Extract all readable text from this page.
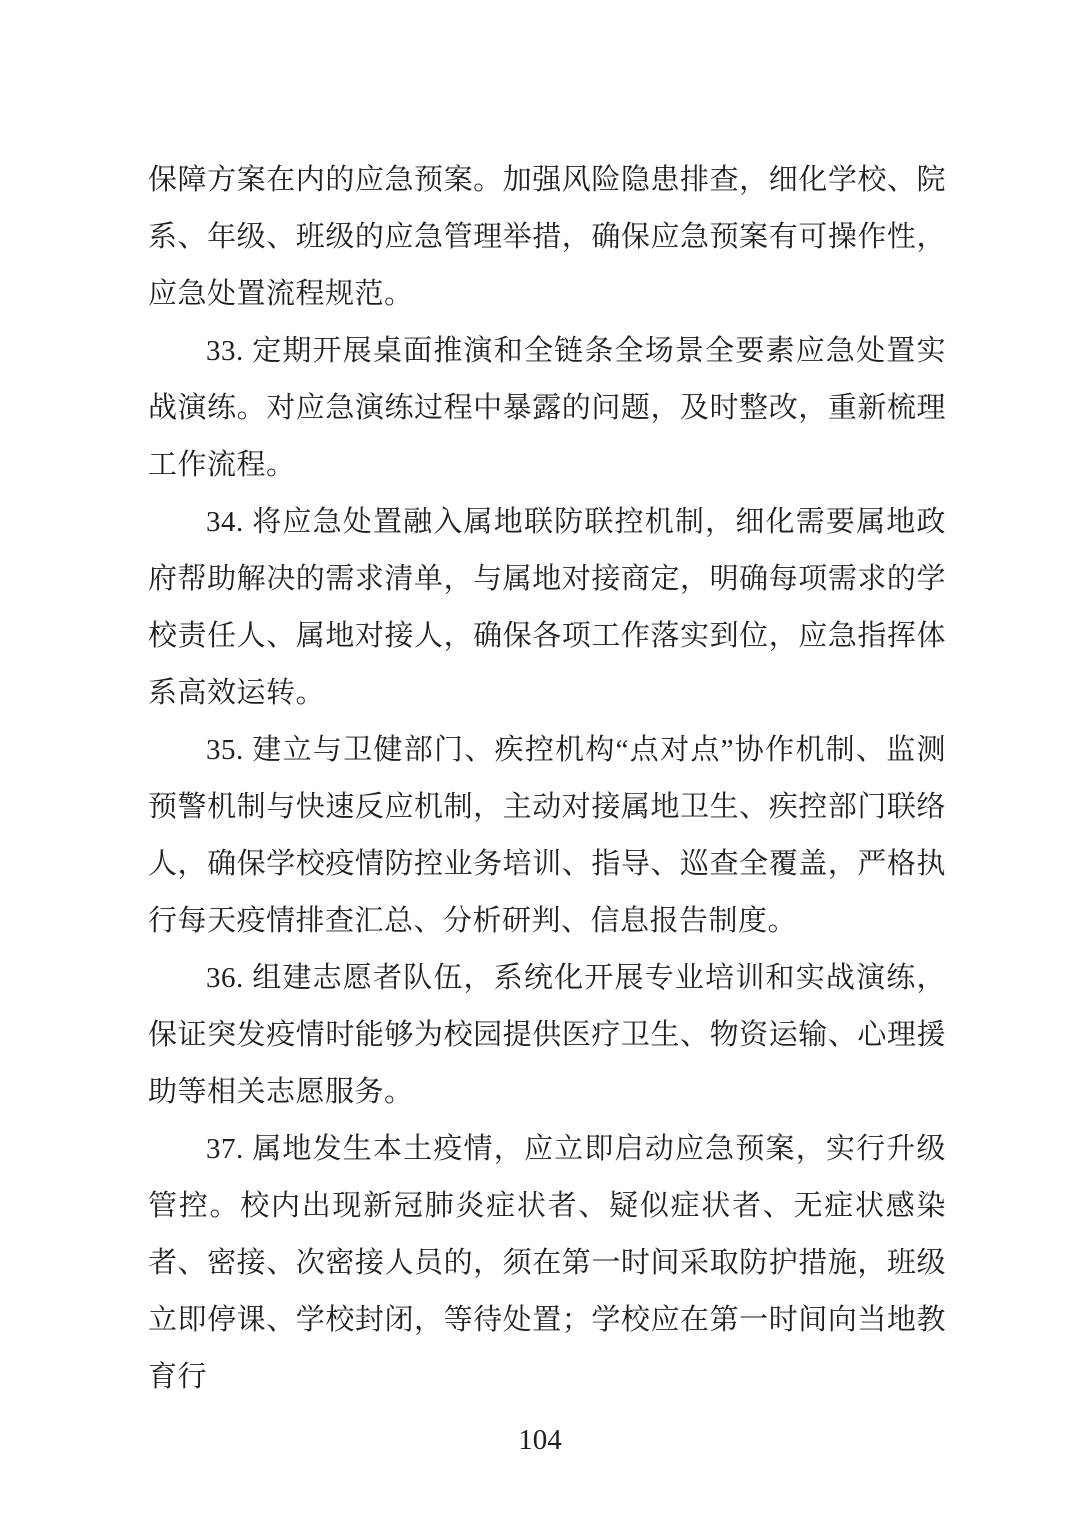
保障方案在内的应急预案。加强风险隐患排查，细化学校、院系、年级、班级的应急管理举措，确保应急预案有可操作性，应急处置流程规范。

33. 定期开展桌面推演和全链条全场景全要素应急处置实战演练。对应急演练过程中暴露的问题，及时整改，重新梳理工作流程。

34. 将应急处置融入属地联防联控机制，细化需要属地政府帮助解决的需求清单，与属地对接商定，明确每项需求的学校责任人、属地对接人，确保各项工作落实到位，应急指挥体系高效运转。

35. 建立与卫健部门、疾控机构“点对点”协作机制、监测预警机制与快速反应机制，主动对接属地卫生、疾控部门联络人，确保学校疫情防控业务培训、指导、巡查全覆盖，严格执行每天疫情排查汇总、分析研判、信息报告制度。

36. 组建志愿者队伍，系统化开展专业培训和实战演练，保证突发疫情时能够为校园提供医疗卫生、物资运输、心理援助等相关志愿服务。

37. 属地发生本土疫情，应立即启动应急预案，实行升级管控。校内出现新冠肺炎症状者、疑似症状者、无症状感染者、密接、次密接人员的，须在第一时间采取防护措施，班级立即停课、学校封闭，等待处置；学校应在第一时间向当地教育行

104
